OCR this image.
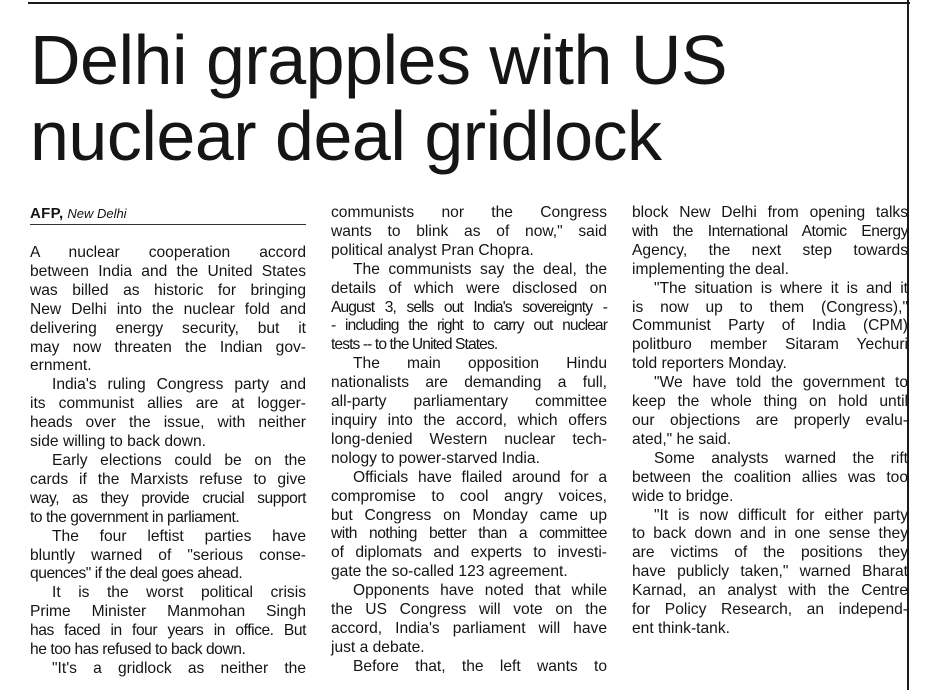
Delhi grapples with US
nuclear deal gridlock
AFP, New Delhi
A nuclear cooperation accord
between India and the United States
was billed as historic for bringing
New Delhi into the nuclear fold and
delivering energy security, but it
may now threaten the Indian gov-
ernment.
India's ruling Congress party and
its communist allies are at logger-
heads over the issue, with neither
side willing to back down.
Early elections could be on the
cards if the Marxists refuse to give
way, as they provide crucial support
to the government in parliament.
The four leftist parties have
bluntly warned of "serious conse-
quences" if the deal goes ahead.
It is the worst political crisis
Prime Minister Manmohan Singh
has faced in four years in office. But
he too has refused to back down.
"It's a gridlock as neither the
communists nor the Congress
wants to blink as of now," said
political analyst Pran Chopra.
The communists say the deal, the
details of which were disclosed on
August 3, sells out India's sovereignty -
- including the right to carry out nuclear
tests -- to the United States.
The main opposition Hindu
nationalists are demanding a full,
all-party parliamentary committee
inquiry into the accord, which offers
long-denied Western nuclear tech-
nology to power-starved India.
Officials have flailed around for a
compromise to cool angry voices,
but Congress on Monday came up
with nothing better than a committee
of diplomats and experts to investi-
gate the so-called 123 agreement.
Opponents have noted that while
the US Congress will vote on the
accord, India's parliament will have
just a debate.
Before that, the left wants to
block New Delhi from opening talks
with the International Atomic Energy
Agency, the next step towards
implementing the deal.
"The situation is where it is and it
is now up to them (Congress),"
Communist Party of India (CPM)
politburo member Sitaram Yechuri
told reporters Monday.
"We have told the government to
keep the whole thing on hold until
our objections are properly evalu-
ated," he said.
Some analysts warned the rift
between the coalition allies was too
wide to bridge.
"It is now difficult for either party
to back down and in one sense they
are victims of the positions they
have publicly taken," warned Bharat
Karnad, an analyst with the Centre
for Policy Research, an independ-
ent think-tank.
